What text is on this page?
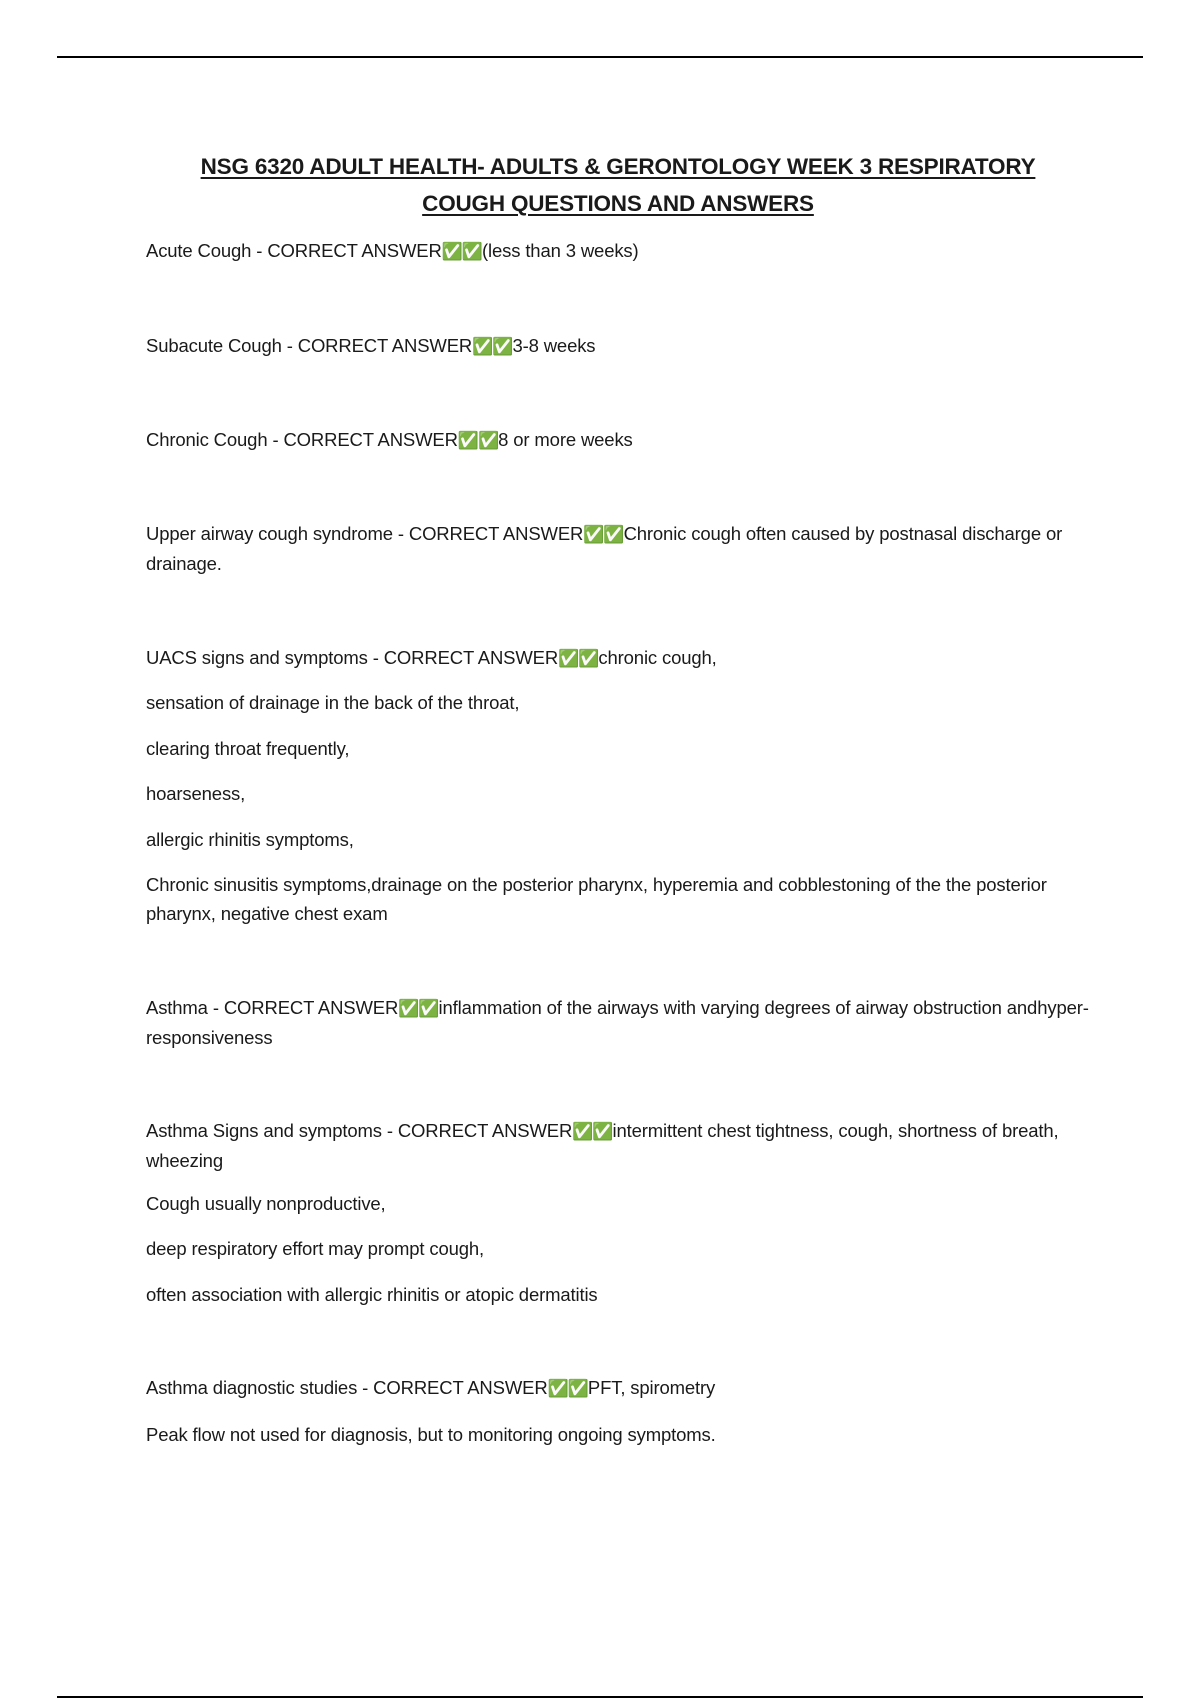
NSG 6320 ADULT HEALTH- ADULTS & GERONTOLOGY WEEK 3 RESPIRATORY
COUGH QUESTIONS AND ANSWERS

Acute Cough - CORRECT ANSWER✅✅(less than 3 weeks)

Subacute Cough - CORRECT ANSWER✅✅3-8 weeks

Chronic Cough - CORRECT ANSWER✅✅8 or more weeks

Upper airway cough syndrome - CORRECT ANSWER✅✅Chronic cough often caused by postnasal discharge or drainage.

UACS signs and symptoms - CORRECT ANSWER✅✅chronic cough,

sensation of drainage in the back of the throat,

clearing throat frequently,

hoarseness,

allergic rhinitis symptoms,

Chronic sinusitis symptoms,drainage on the posterior pharynx, hyperemia and cobblestoning of the the posterior pharynx, negative chest exam

Asthma - CORRECT ANSWER✅✅inflammation of the airways with varying degrees of airway obstruction andhyper-responsiveness

Asthma Signs and symptoms - CORRECT ANSWER✅✅intermittent chest tightness, cough, shortness of breath, wheezing

Cough usually nonproductive,

deep respiratory effort may prompt cough,

often association with allergic rhinitis or atopic dermatitis

Asthma diagnostic studies - CORRECT ANSWER✅✅PFT, spirometry

Peak flow not used for diagnosis, but to monitoring ongoing symptoms.
